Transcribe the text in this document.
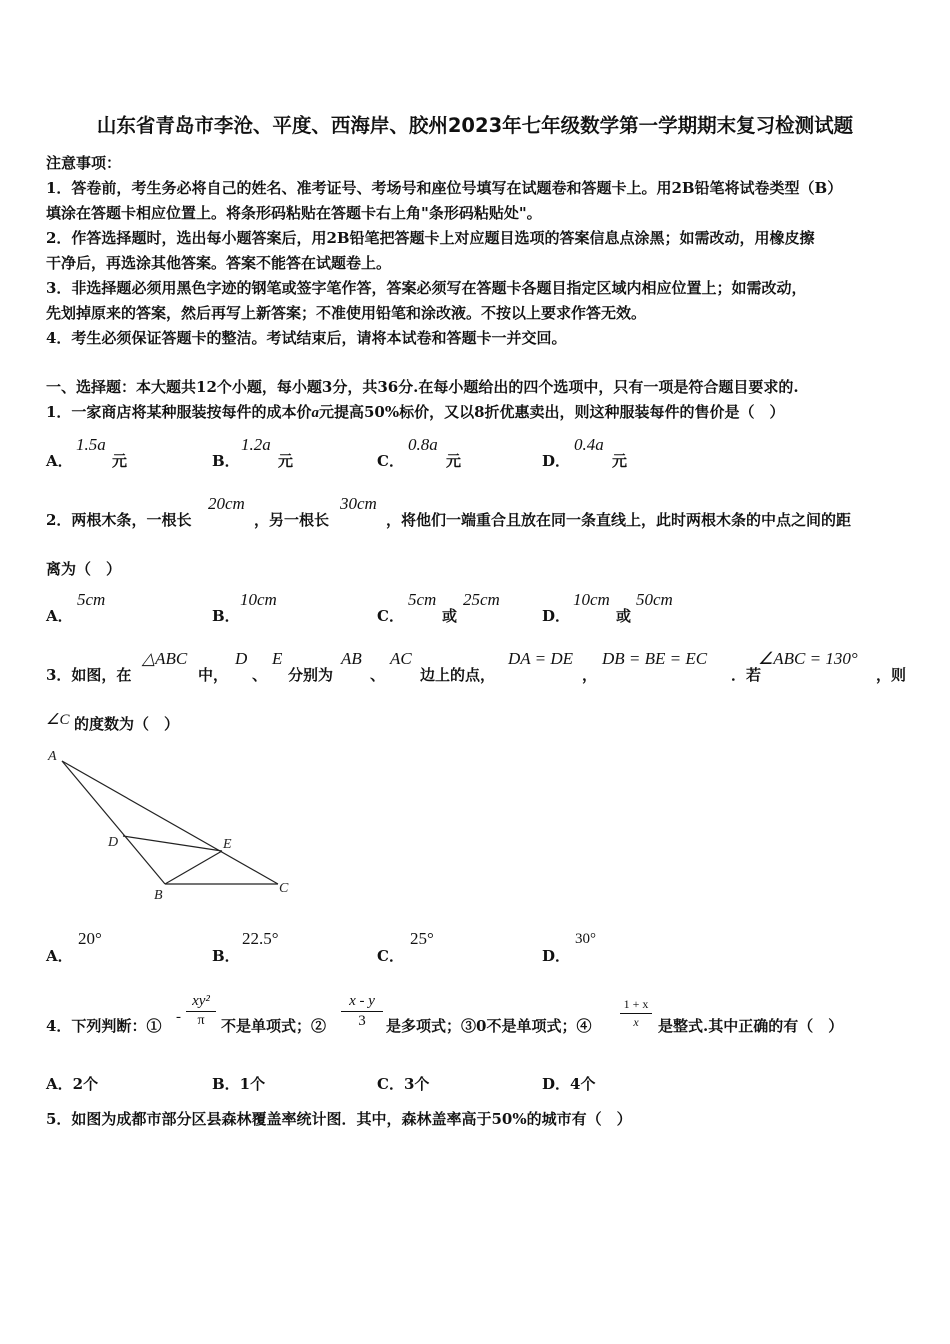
山东省青岛市李沧、平度、西海岸、胶州2023年七年级数学第一学期期末复习检测试题
注意事项：
1．答卷前，考生务必将自己的姓名、准考证号、考场号和座位号填写在试题卷和答题卡上。用2B铅笔将试卷类型（B）
填涂在答题卡相应位置上。将条形码粘贴在答题卡右上角"条形码粘贴处"。
2．作答选择题时，选出每小题答案后，用2B铅笔把答题卡上对应题目选项的答案信息点涂黑；如需改动，用橡皮擦
干净后，再选涂其他答案。答案不能答在试题卷上。
3．非选择题必须用黑色字迹的钢笔或签字笔作答，答案必须写在答题卡各题目指定区域内相应位置上；如需改动，
先划掉原来的答案，然后再写上新答案；不准使用铅笔和涂改液。不按以上要求作答无效。
4．考生必须保证答题卡的整洁。考试结束后，请将本试卷和答题卡一并交回。
一、选择题：本大题共12个小题，每小题3分，共36分.在每小题给出的四个选项中，只有一项是符合题目要求的.
1．一家商店将某种服装按每件的成本价a元提高50%标价，又以8折优惠卖出，则这种服装每件的售价是（　）
A．
1.5a
元	B．
1.2a
元	C．
0.8a
元	D．
0.4a
元
2．两根木条，一根长
20cm
，另一根长
30cm
，将他们一端重合且放在同一条直线上，此时两根木条的中点之间的距
离为（　）
A．
5cm
B．
10cm
C．
5cm
或
25cm
D．
10cm
或
50cm
3．如图，在
△ABC
中，
D
、
E
分别为
AB
、
AC
边上的点，
DA = DE
，
DB = BE = EC
．若
∠ABC = 130°
，则
∠C 的度数为（　）
A
D	E
B	C
A．
20°
B．
22.5°
C．
25°
D．
30°
4．下列判断：① -
xy²
π	不是单项式；②
x - y
3	是多项式；③0不是单项式；④
1 + x
x	是整式.其中正确的有（　）
A．2个	B．1个	C．3个	D．4个
5．如图为成都市部分区县森林覆盖率统计图．其中，森林盖率高于50%的城市有（　）
